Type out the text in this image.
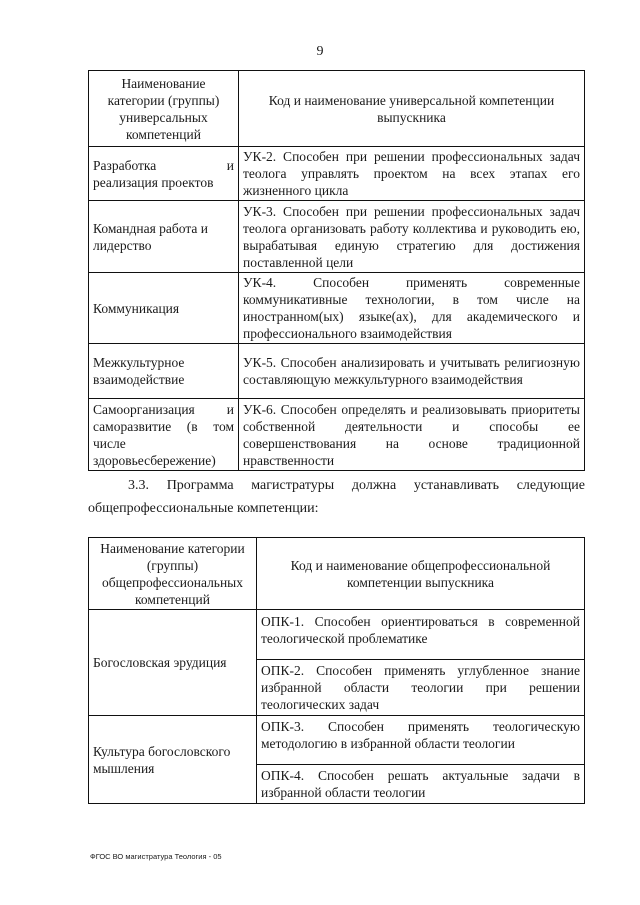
9
Наименование категории (группы) универсальных компетенций	Код и наименование универсальной компетенции выпускника
Разработка и реализация проектов	УК-2. Способен при решении профессиональных задач теолога управлять проектом на всех этапах его жизненного цикла
Командная работа и лидерство	УК-3. Способен при решении профессиональных задач теолога организовать работу коллектива и руководить ею, вырабатывая единую стратегию для достижения поставленной цели
Коммуникация	УК-4. Способен применять современные коммуникативные технологии, в том числе на иностранном(ых) языке(ах), для академического и профессионального взаимодействия
Межкультурное взаимодействие	УК-5. Способен анализировать и учитывать религиозную составляющую межкультурного взаимодействия
Самоорганизация и саморазвитие (в том числе здоровьесбережение)	УК-6. Способен определять и реализовывать приоритеты собственной деятельности и способы ее совершенствования на основе традиционной нравственности
3.3. Программа магистратуры должна устанавливать следующие
общепрофессиональные компетенции:
Наименование категории (группы) общепрофессиональных компетенций	Код и наименование общепрофессиональной компетенции выпускника
Богословская эрудиция	ОПК-1. Способен ориентироваться в современной теологической проблематике
ОПК-2. Способен применять углубленное знание избранной области теологии при решении теологических задач

Культура богословского мышления	ОПК-3. Способен применять теологическую методологию в избранной области теологии
ОПК-4. Способен решать актуальные задачи в избранной области теологии
ФГОС ВО магистратура Теология - 05
